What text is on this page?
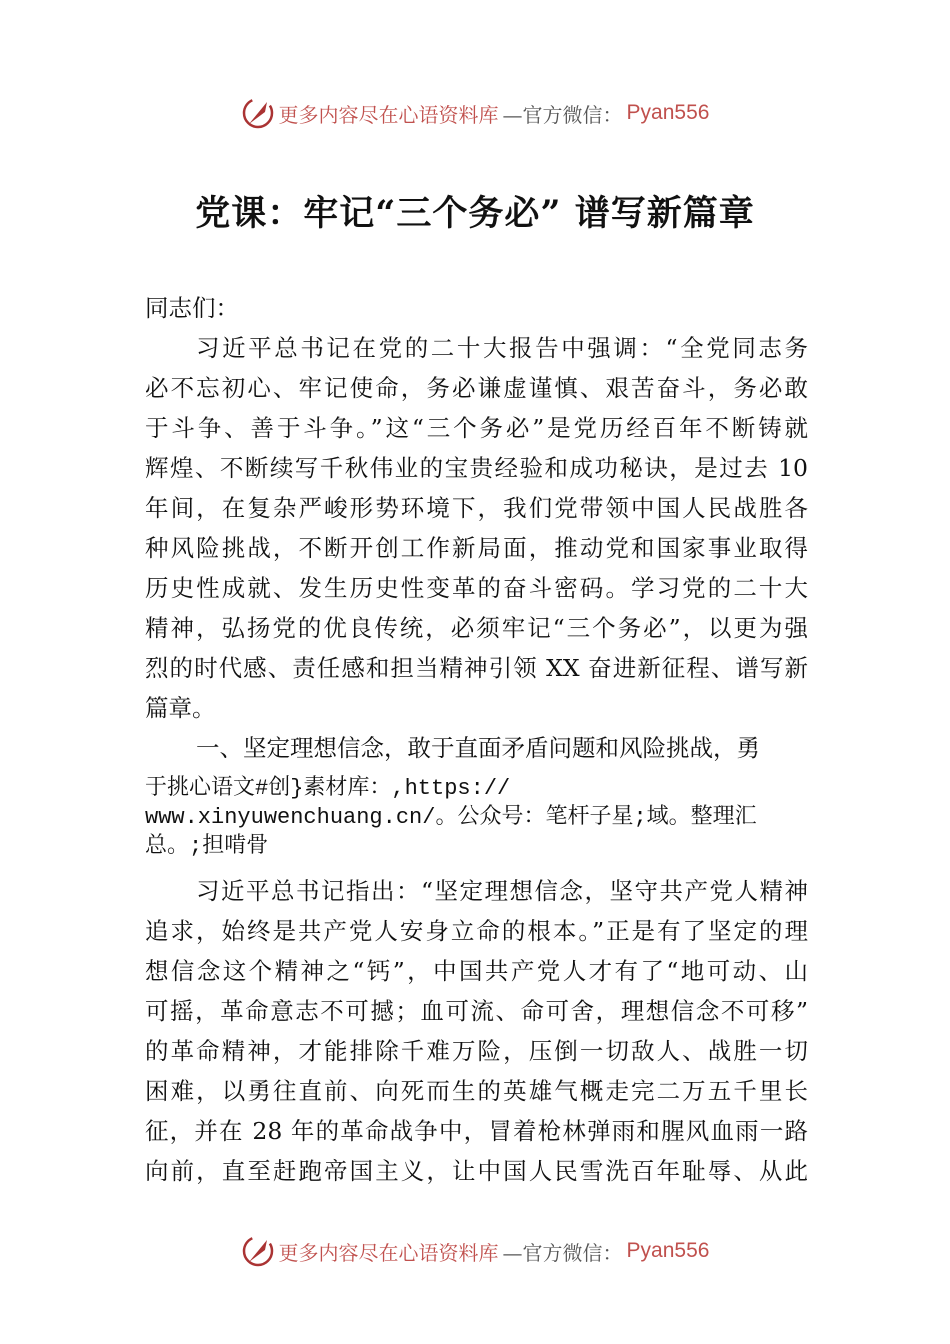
更多内容尽在心语资料库 —官方微信： Pyan556
党课：牢记“三个务必” 谱写新篇章
同志们：
习近平总书记在党的二十大报告中强调：“全党同志务
必不忘初心、牢记使命，务必谦虚谨慎、艰苦奋斗，务必敢
于斗争、善于斗争。”这“三个务必”是党历经百年不断铸就
辉煌、不断续写千秋伟业的宝贵经验和成功秘诀，是过去 10
年间，在复杂严峻形势环境下，我们党带领中国人民战胜各
种风险挑战，不断开创工作新局面，推动党和国家事业取得
历史性成就、发生历史性变革的奋斗密码。学习党的二十大
精神，弘扬党的优良传统，必须牢记“三个务必”，以更为强
烈的时代感、责任感和担当精神引领 XX 奋进新征程、谱写新
篇章。
一、坚定理想信念，敢于直面矛盾问题和风险挑战，勇
于挑心语文#创}素材库：,https://
www.xinyuwenchuang.cn/。公众号：笔杆子星;域。整理汇
总。;担啃骨
习近平总书记指出：“坚定理想信念，坚守共产党人精神
追求，始终是共产党人安身立命的根本。”正是有了坚定的理
想信念这个精神之“钙”，中国共产党人才有了“地可动、山
可摇，革命意志不可撼；血可流、命可舍，理想信念不可移”
的革命精神，才能排除千难万险，压倒一切敌人、战胜一切
困难，以勇往直前、向死而生的英雄气概走完二万五千里长
征，并在 28 年的革命战争中，冒着枪林弹雨和腥风血雨一路
向前，直至赶跑帝国主义，让中国人民雪洗百年耻辱、从此
更多内容尽在心语资料库 —官方微信： Pyan556
